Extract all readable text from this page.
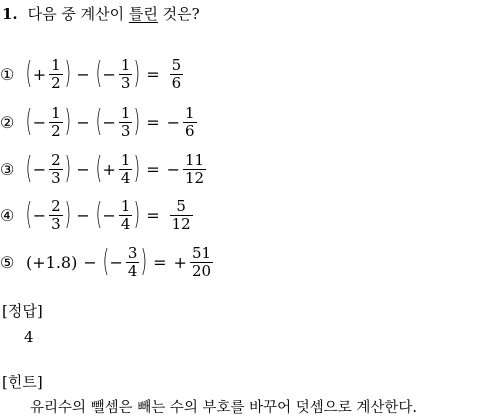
1. 다음 중 계산이 틀린 것은?
① ( + $\frac{1}{2}$ ) − ( − $\frac{1}{3}$ ) = $\frac{5}{6}$
② ( − $\frac{1}{2}$ ) − ( − $\frac{1}{3}$ ) = − $\frac{1}{6}$
③ ( − $\frac{2}{3}$ ) − ( + $\frac{1}{4}$ ) = − $\frac{11}{12}$
④ ( − $\frac{2}{3}$ ) − ( − $\frac{1}{4}$ ) = $\frac{5}{12}$
⑤ (+1.8) − ( − $\frac{3}{4}$ ) = + $\frac{51}{20}$
[정답]
4
[힌트]
유리수의 뺄셈은 빼는 수의 부호를 바꾸어 덧셈으로 계산한다.
